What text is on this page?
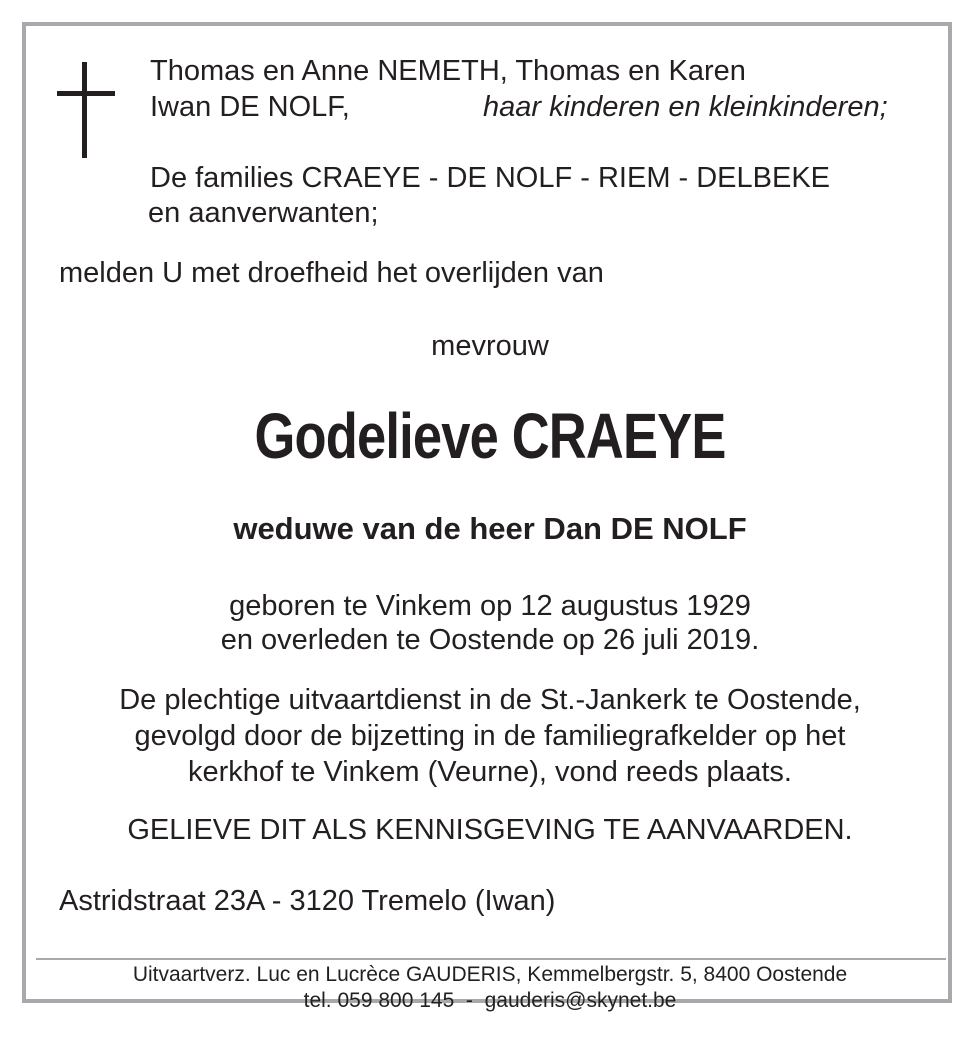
Thomas en Anne NEMETH, Thomas en Karen
Iwan DE NOLF,	haar kinderen en kleinkinderen;
De families CRAEYE - DE NOLF - RIEM - DELBEKE
en aanverwanten;
melden U met droefheid het overlijden van
mevrouw
Godelieve CRAEYE
weduwe van de heer Dan DE NOLF
geboren te Vinkem op 12 augustus 1929
en overleden te Oostende op 26 juli 2019.
De plechtige uitvaartdienst in de St.-Jankerk te Oostende,
gevolgd door de bijzetting in de familiegrafkelder op het
kerkhof te Vinkem (Veurne), vond reeds plaats.
GELIEVE DIT ALS KENNISGEVING TE AANVAARDEN.
Astridstraat 23A - 3120 Tremelo (Iwan)
Uitvaartverz. Luc en Lucrèce GAUDERIS, Kemmelbergstr. 5, 8400 Oostende
tel. 059 800 145  -  gauderis@skynet.be
